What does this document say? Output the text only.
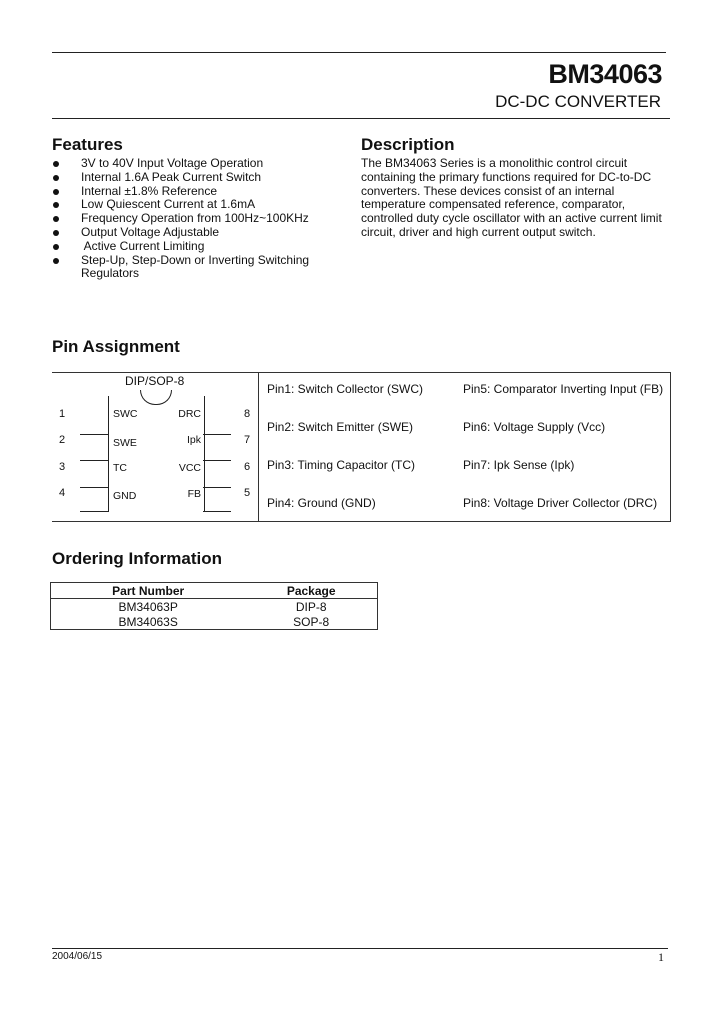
BM34063
DC-DC CONVERTER
Features
3V to 40V Input Voltage Operation
Internal 1.6A Peak Current Switch
Internal ±1.8% Reference
Low Quiescent Current at 1.6mA
Frequency Operation from 100Hz~100KHz
Output Voltage Adjustable
Active Current Limiting
Step-Up, Step-Down or Inverting Switching Regulators
Description
The BM34063 Series is a monolithic control circuit containing the primary functions required for DC-to-DC converters. These devices consist of an internal temperature compensated reference, comparator, controlled duty cycle oscillator with an active current limit circuit, driver and high current output switch.
Pin Assignment
DIP/SOP-8
Pin1: Switch Collector (SWC)	Pin5: Comparator Inverting Input (FB)
Pin2: Switch Emitter (SWE)	Pin6: Voltage Supply (Vcc)
Pin3: Timing Capacitor (TC)	Pin7: Ipk Sense (Ipk)
Pin4: Ground (GND)	Pin8: Voltage Driver Collector (DRC)
SWC
SWE
TC
GND
DRC
Ipk
VCC
FB
1
2
3
4
8
7
6
5
Ordering Information
Part Number	Package
BM34063P	DIP-8
BM34063S	SOP-8
2004/06/15	1
